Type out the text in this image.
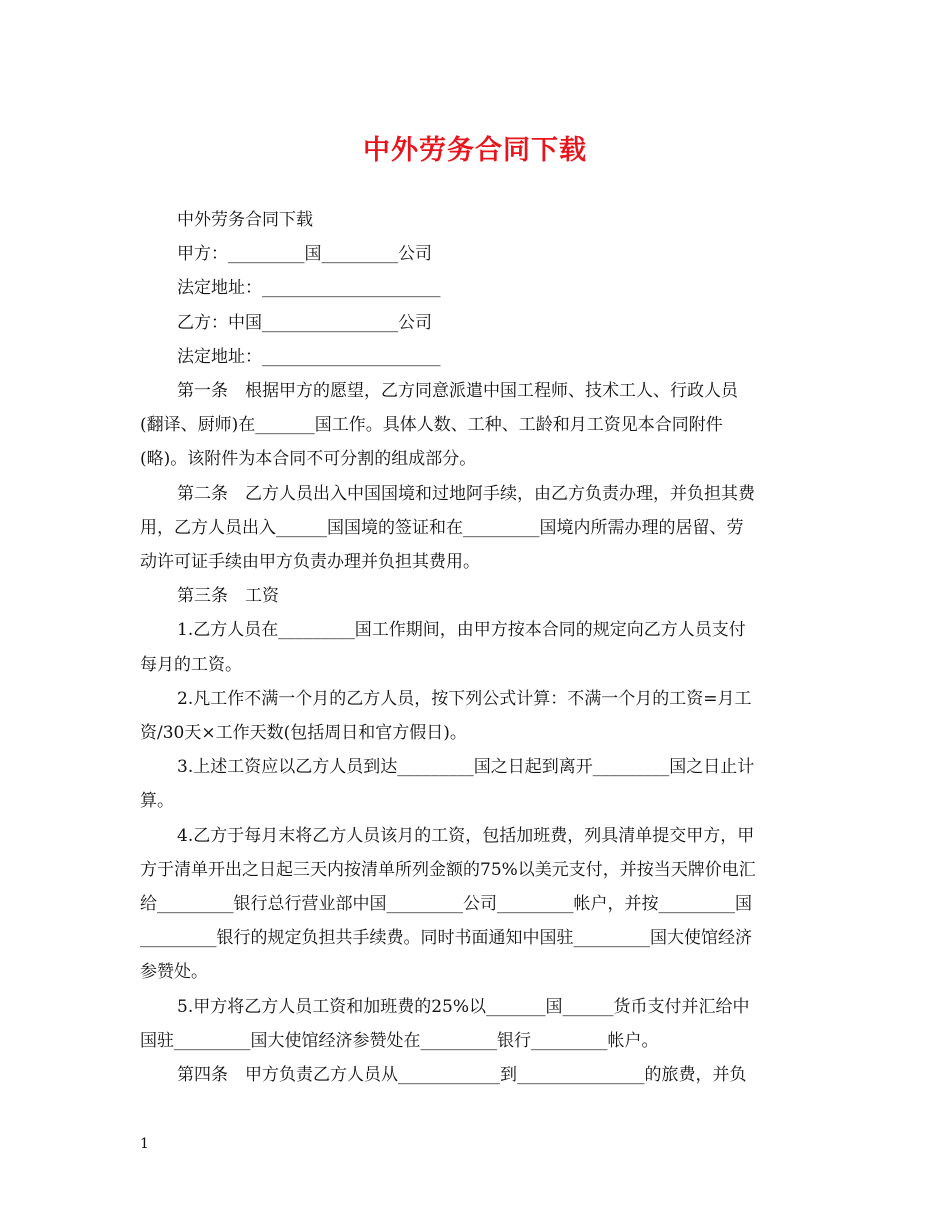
中外劳务合同下载
中外劳务合同下载
甲方：_________国_________公司
法定地址：_____________________
乙方：中国________________公司
法定地址：_____________________
第一条　根据甲方的愿望，乙方同意派遣中国工程师、技术工人、行政人员
(翻译、厨师)在_______国工作。具体人数、工种、工龄和月工资见本合同附件
(略)。该附件为本合同不可分割的组成部分。
第二条　乙方人员出入中国国境和过地阿手续，由乙方负责办理，并负担其费
用，乙方人员出入______国国境的签证和在_________国境内所需办理的居留、劳
动许可证手续由甲方负责办理并负担其费用。
第三条　工资
1.乙方人员在_________国工作期间，由甲方按本合同的规定向乙方人员支付
每月的工资。
2.凡工作不满一个月的乙方人员，按下列公式计算：不满一个月的工资=月工
资/30天×工作天数(包括周日和官方假日)。
3.上述工资应以乙方人员到达_________国之日起到离开_________国之日止计
算。
4.乙方于每月末将乙方人员该月的工资，包括加班费，列具清单提交甲方，甲
方于清单开出之日起三天内按清单所列金额的75%以美元支付，并按当天牌价电汇
给_________银行总行营业部中国_________公司_________帐户，并按_________国
_________银行的规定负担共手续费。同时书面通知中国驻_________国大使馆经济
参赞处。
5.甲方将乙方人员工资和加班费的25%以_______国______货币支付并汇给中
国驻_________国大使馆经济参赞处在_________银行_________帐户。
第四条　甲方负责乙方人员从____________到_______________的旅费，并负
1
